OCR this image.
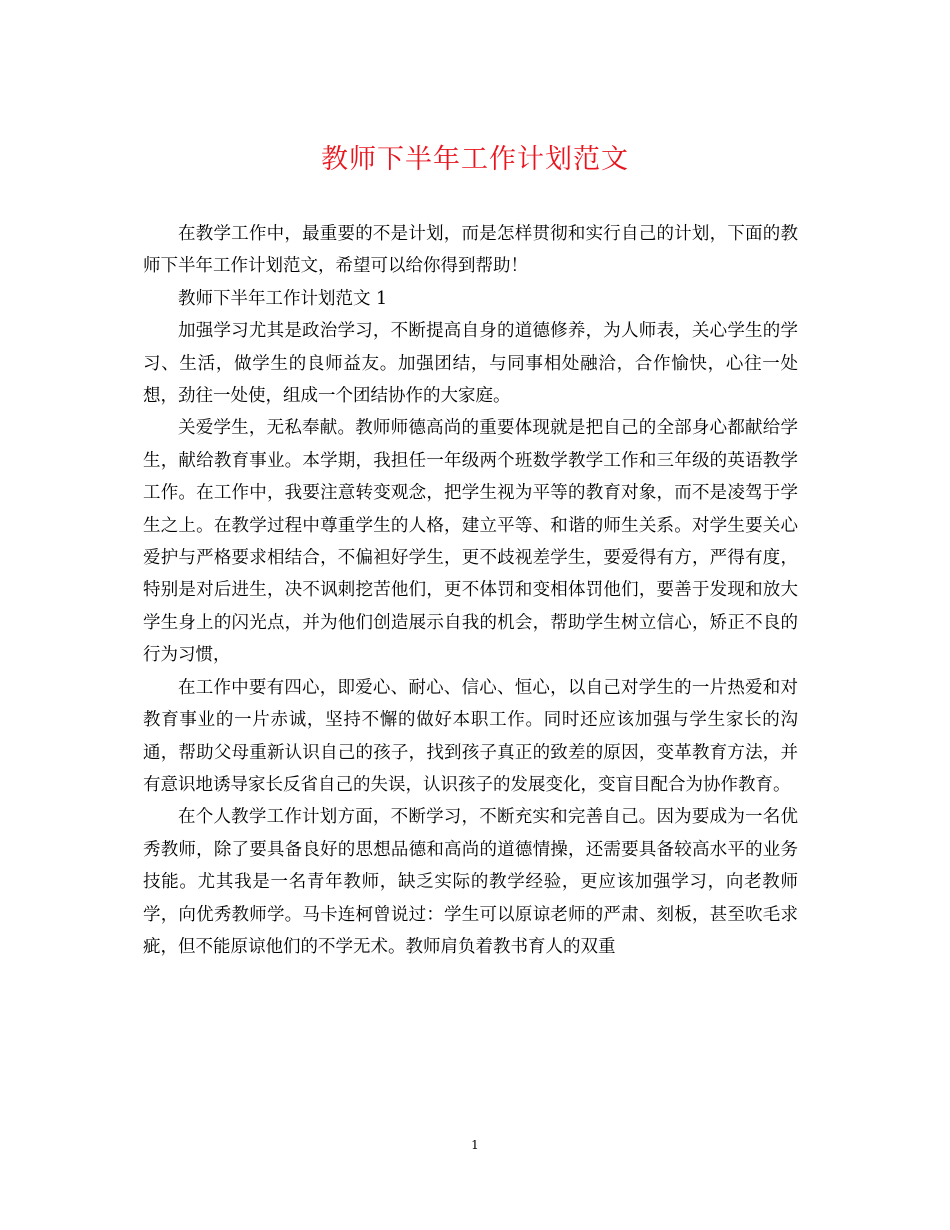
教师下半年工作计划范文

在教学工作中，最重要的不是计划，而是怎样贯彻和实行自己的计划，下面的教师下半年工作计划范文，希望可以给你得到帮助！

教师下半年工作计划范文 1

加强学习尤其是政治学习，不断提高自身的道德修养，为人师表，关心学生的学习、生活，做学生的良师益友。加强团结，与同事相处融洽，合作愉快，心往一处想，劲往一处使，组成一个团结协作的大家庭。

关爱学生，无私奉献。教师师德高尚的重要体现就是把自己的全部身心都献给学生，献给教育事业。本学期，我担任一年级两个班数学教学工作和三年级的英语教学工作。在工作中，我要注意转变观念，把学生视为平等的教育对象，而不是凌驾于学生之上。在教学过程中尊重学生的人格，建立平等、和谐的师生关系。对学生要关心爱护与严格要求相结合，不偏袒好学生，更不歧视差学生，要爱得有方，严得有度，特别是对后进生，决不讽刺挖苦他们，更不体罚和变相体罚他们，要善于发现和放大学生身上的闪光点，并为他们创造展示自我的机会，帮助学生树立信心，矫正不良的行为习惯，

在工作中要有四心，即爱心、耐心、信心、恒心，以自己对学生的一片热爱和对教育事业的一片赤诚，坚持不懈的做好本职工作。同时还应该加强与学生家长的沟通，帮助父母重新认识自己的孩子，找到孩子真正的致差的原因，变革教育方法，并有意识地诱导家长反省自己的失误，认识孩子的发展变化，变盲目配合为协作教育。

在个人教学工作计划方面，不断学习，不断充实和完善自己。因为要成为一名优秀教师，除了要具备良好的思想品德和高尚的道德情操，还需要具备较高水平的业务技能。尤其我是一名青年教师，缺乏实际的教学经验，更应该加强学习，向老教师学，向优秀教师学。马卡连柯曾说过：学生可以原谅老师的严肃、刻板，甚至吹毛求疵，但不能原谅他们的不学无术。教师肩负着教书育人的双重

1
